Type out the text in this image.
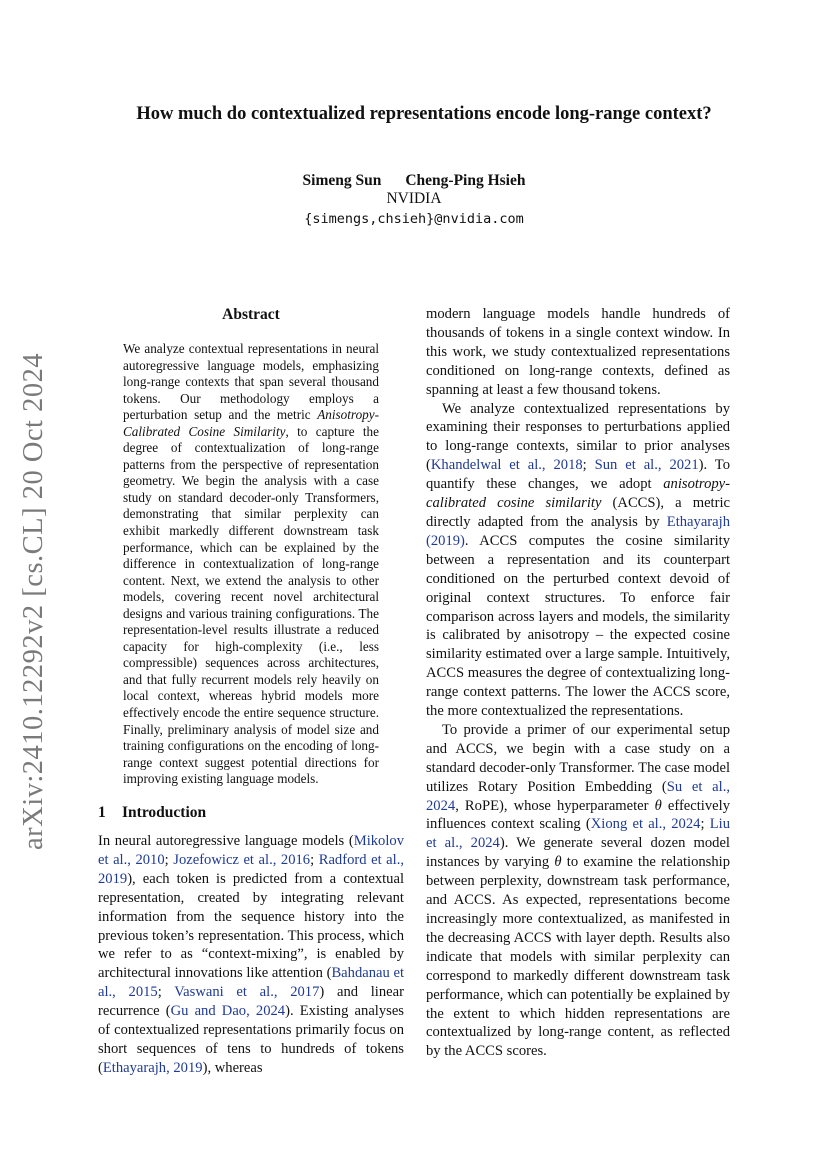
arXiv:2410.12292v2 [cs.CL] 20 Oct 2024
How much do contextualized representations encode long-range context?
Simeng Sun Cheng-Ping Hsieh
NVIDIA
{simengs,chsieh}@nvidia.com
Abstract

We analyze contextual representations in neural autoregressive language models, emphasizing long-range contexts that span several thousand tokens. Our methodology employs a perturbation setup and the metric Anisotropy-Calibrated Cosine Similarity, to capture the degree of contextualization of long-range patterns from the perspective of representation geometry. We begin the analysis with a case study on standard decoder-only Transformers, demonstrating that similar perplexity can exhibit markedly different downstream task performance, which can be explained by the difference in contextualization of long-range content. Next, we extend the analysis to other models, covering recent novel architectural designs and various training configurations. The representation-level results illustrate a reduced capacity for high-complexity (i.e., less compressible) sequences across architectures, and that fully recurrent models rely heavily on local context, whereas hybrid models more effectively encode the entire sequence structure. Finally, preliminary analysis of model size and training configurations on the encoding of long-range context suggest potential directions for improving existing language models.

1 Introduction

In neural autoregressive language models (Mikolov et al., 2010; Jozefowicz et al., 2016; Radford et al., 2019), each token is predicted from a contextual representation, created by integrating relevant information from the sequence history into the previous token’s representation. This process, which we refer to as “context-mixing”, is enabled by architectural innovations like attention (Bahdanau et al., 2015; Vaswani et al., 2017) and linear recurrence (Gu and Dao, 2024). Existing analyses of contextualized representations primarily focus on short sequences of tens to hundreds of tokens (Ethayarajh, 2019), whereas

modern language models handle hundreds of thousands of tokens in a single context window. In this work, we study contextualized representations conditioned on long-range contexts, defined as spanning at least a few thousand tokens.

We analyze contextualized representations by examining their responses to perturbations applied to long-range contexts, similar to prior analyses (Khandelwal et al., 2018; Sun et al., 2021). To quantify these changes, we adopt anisotropy-calibrated cosine similarity (ACCS), a metric directly adapted from the analysis by Ethayarajh (2019). ACCS computes the cosine similarity between a representation and its counterpart conditioned on the perturbed context devoid of original context structures. To enforce fair comparison across layers and models, the similarity is calibrated by anisotropy – the expected cosine similarity estimated over a large sample. Intuitively, ACCS measures the degree of contextualizing long-range context patterns. The lower the ACCS score, the more contextualized the representations.

To provide a primer of our experimental setup and ACCS, we begin with a case study on a standard decoder-only Transformer. The case model utilizes Rotary Position Embedding (Su et al., 2024, RoPE), whose hyperparameter θ effectively influences context scaling (Xiong et al., 2024; Liu et al., 2024). We generate several dozen model instances by varying θ to examine the relationship between perplexity, downstream task performance, and ACCS. As expected, representations become increasingly more contextualized, as manifested in the decreasing ACCS with layer depth. Results also indicate that models with similar perplexity can correspond to markedly different downstream task performance, which can potentially be explained by the extent to which hidden representations are contextualized by long-range content, as reflected by the ACCS scores.
